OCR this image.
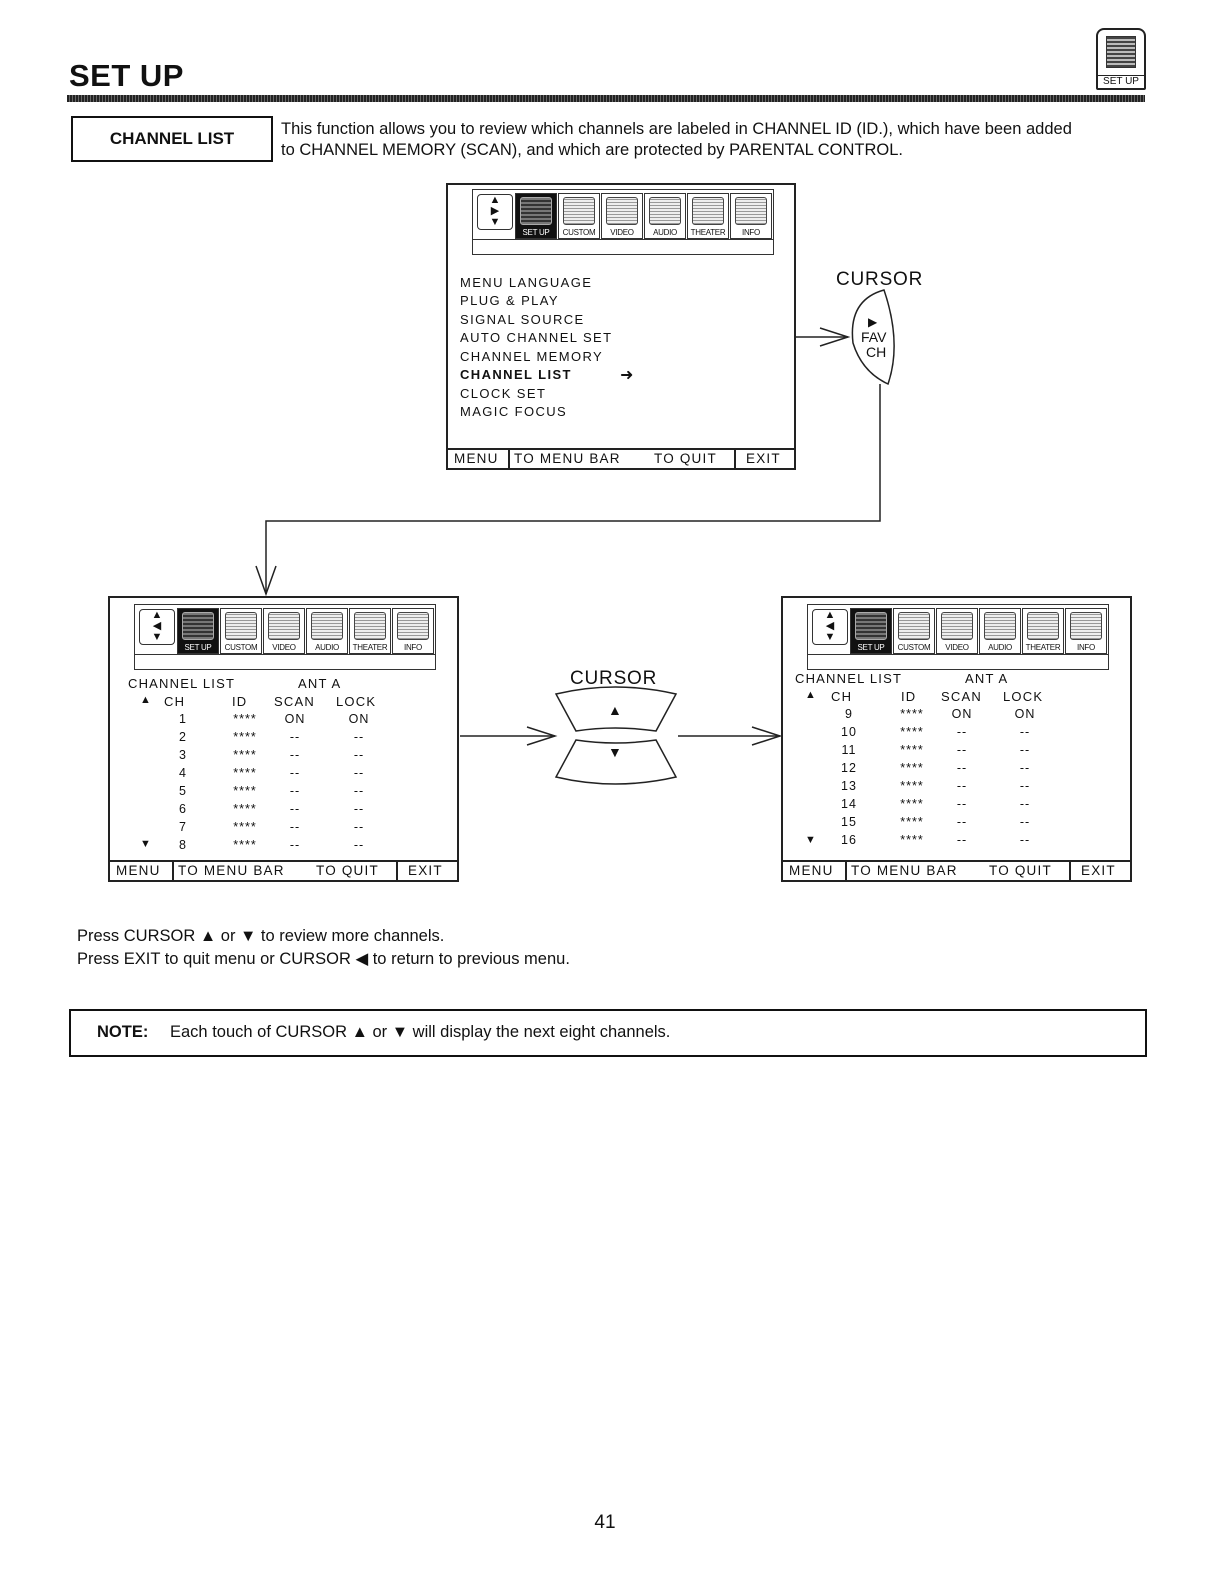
SET UP	SET UP
CHANNEL LIST	This function allows you to review which channels are labeled in CHANNEL ID (ID.), which have been added
to CHANNEL MEMORY (SCAN), and which are protected by PARENTAL CONTROL.
CURSOR
▶
FAV
CH
CURSOR
▲
▼
▲
▶
▼
SET UP	CUSTOM	VIDEO	AUDIO	THEATER	INFO
MENU LANGUAGE
PLUG & PLAY
SIGNAL SOURCE
AUTO CHANNEL SET
CHANNEL MEMORY
CHANNEL LIST	➜
CLOCK SET
MAGIC FOCUS
MENU	TO MENU BAR TO QUIT	EXIT
▲
◀
▼
SET UP	CUSTOM	VIDEO	AUDIO	THEATER	INFO
CHANNEL LIST	ANT A
▲ CH	ID SCAN LOCK
▼
1	****	ON	ON
2	****	--	--
3	****	--	--
4	****	--	--
5	****	--	--
6	****	--	--
7	****	--	--
8	****	--	--
MENU	TO MENU BAR TO QUIT	EXIT
▲
◀
▼
SET UP	CUSTOM	VIDEO	AUDIO	THEATER	INFO
CHANNEL LIST	ANT A
▲ CH	ID SCAN LOCK
▼
9	****	ON	ON
10	****	--	--
11	****	--	--
12	****	--	--
13	****	--	--
14	****	--	--
15	****	--	--
16	****	--	--
MENU	TO MENU BAR TO QUIT	EXIT
Press CURSOR ▲ or ▼ to review more channels.
Press EXIT to quit menu or CURSOR ◀ to return to previous menu.
NOTE: Each touch of CURSOR ▲ or ▼ will display the next eight channels.
41
